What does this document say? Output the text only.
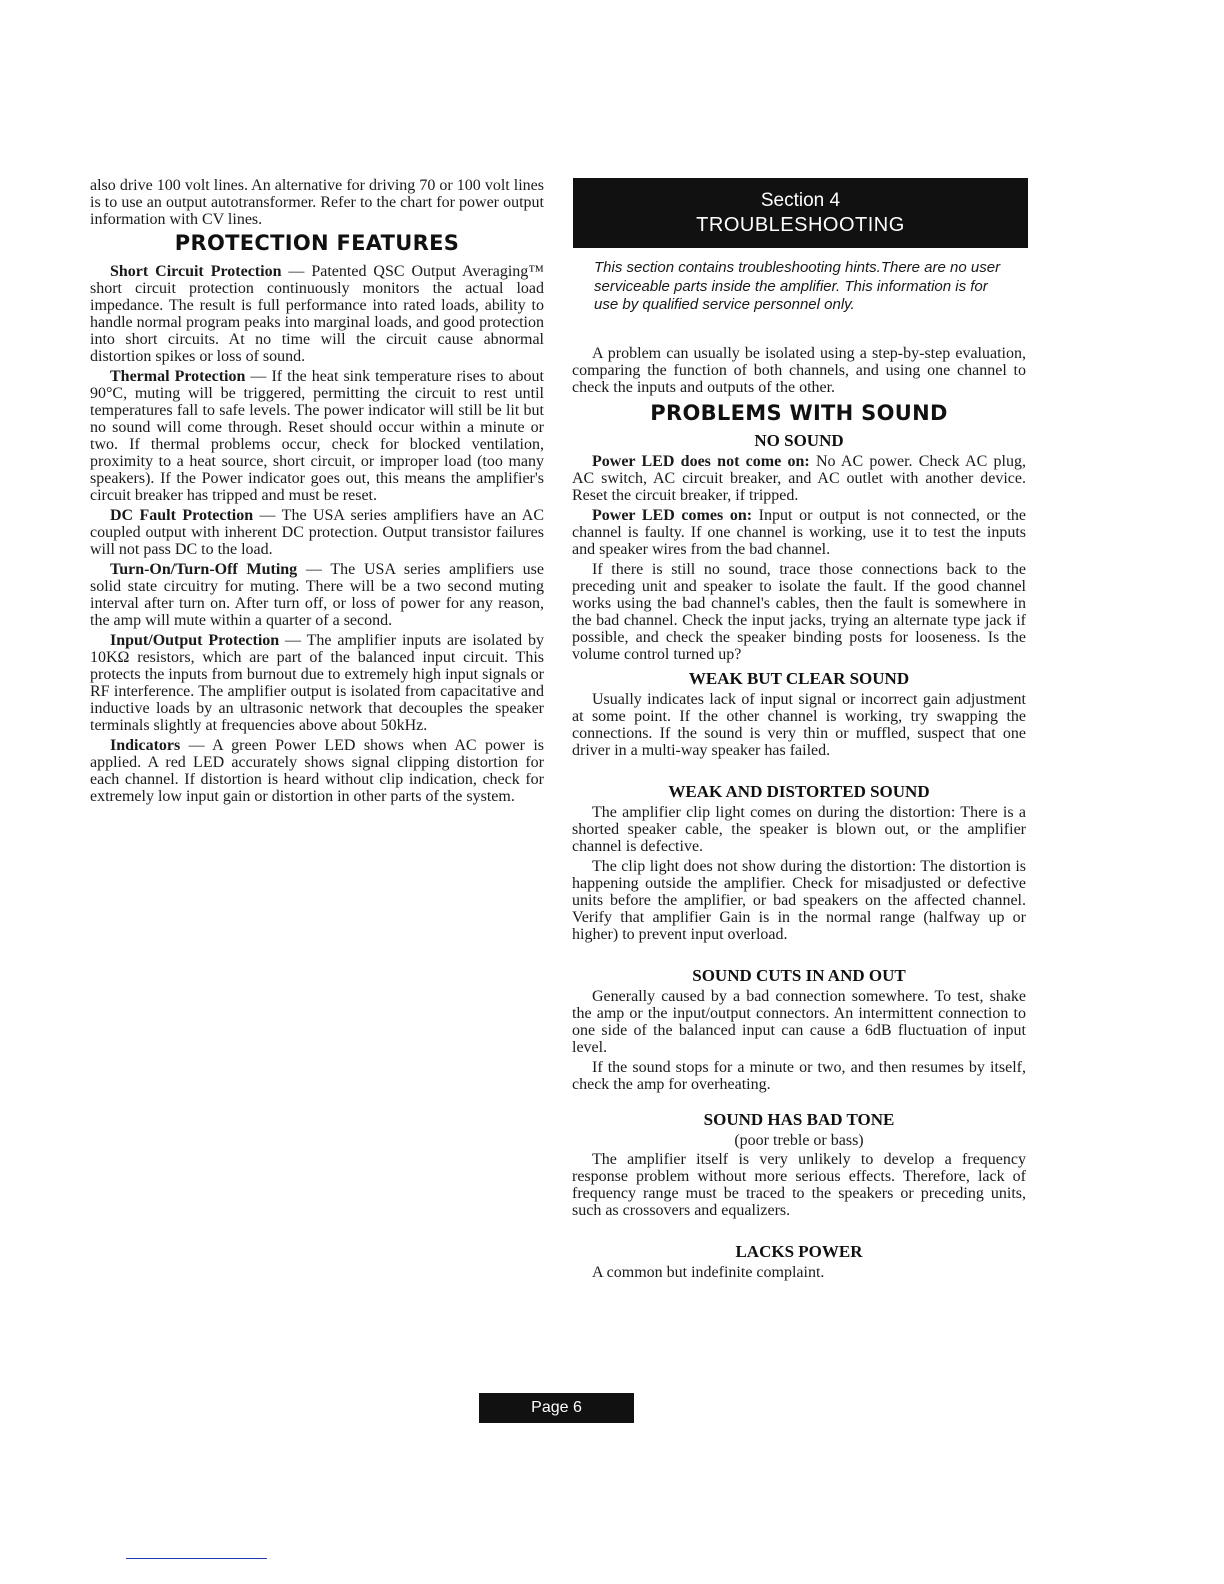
also drive 100 volt lines. An alternative for driving 70 or 100 volt lines is to use an output autotransformer. Refer to the chart for power output information with CV lines.

PROTECTION FEATURES

Short Circuit Protection — Patented QSC Output Averaging™ short circuit protection continuously monitors the actual load impedance. The result is full performance into rated loads, ability to handle normal program peaks into marginal loads, and good protection into short circuits. At no time will the circuit cause abnormal distortion spikes or loss of sound.

Thermal Protection — If the heat sink temperature rises to about 90°C, muting will be triggered, permitting the circuit to rest until temperatures fall to safe levels. The power indicator will still be lit but no sound will come through. Reset should occur within a minute or two. If thermal problems occur, check for blocked ventilation, proximity to a heat source, short circuit, or improper load (too many speakers). If the Power indicator goes out, this means the amplifier's circuit breaker has tripped and must be reset.

DC Fault Protection — The USA series amplifiers have an AC coupled output with inherent DC protection. Output transistor failures will not pass DC to the load.

Turn-On/Turn-Off Muting — The USA series amplifiers use solid state circuitry for muting. There will be a two second muting interval after turn on. After turn off, or loss of power for any reason, the amp will mute within a quarter of a second.

Input/Output Protection — The amplifier inputs are isolated by 10KΩ resistors, which are part of the balanced input circuit. This protects the inputs from burnout due to extremely high input signals or RF interference. The amplifier output is isolated from capacitative and inductive loads by an ultrasonic network that decouples the speaker terminals slightly at frequencies above about 50kHz.

Indicators — A green Power LED shows when AC power is applied. A red LED accurately shows signal clipping distortion for each channel. If distortion is heard without clip indication, check for extremely low input gain or distortion in other parts of the system.

Section 4
TROUBLESHOOTING
This section contains troubleshooting hints.There are no user serviceable parts inside the amplifier. This information is for use by qualified service personnel only.

A problem can usually be isolated using a step-by-step evaluation, comparing the function of both channels, and using one channel to check the inputs and outputs of the other.

PROBLEMS WITH SOUND
NO SOUND

Power LED does not come on: No AC power. Check AC plug, AC switch, AC circuit breaker, and AC outlet with another device. Reset the circuit breaker, if tripped.

Power LED comes on: Input or output is not connected, or the channel is faulty. If one channel is working, use it to test the inputs and speaker wires from the bad channel.

If there is still no sound, trace those connections back to the preceding unit and speaker to isolate the fault. If the good channel works using the bad channel's cables, then the fault is somewhere in the bad channel. Check the input jacks, trying an alternate type jack if possible, and check the speaker binding posts for looseness. Is the volume control turned up?

WEAK BUT CLEAR SOUND

Usually indicates lack of input signal or incorrect gain adjustment at some point. If the other channel is working, try swapping the connections. If the sound is very thin or muffled, suspect that one driver in a multi-way speaker has failed.

WEAK AND DISTORTED SOUND

The amplifier clip light comes on during the distortion: There is a shorted speaker cable, the speaker is blown out, or the amplifier channel is defective.

The clip light does not show during the distortion: The distortion is happening outside the amplifier. Check for misadjusted or defective units before the amplifier, or bad speakers on the affected channel. Verify that amplifier Gain is in the normal range (halfway up or higher) to prevent input overload.

SOUND CUTS IN AND OUT

Generally caused by a bad connection somewhere. To test, shake the amp or the input/output connectors. An intermittent connection to one side of the balanced input can cause a 6dB fluctuation of input level.

If the sound stops for a minute or two, and then resumes by itself, check the amp for overheating.

SOUND HAS BAD TONE
(poor treble or bass)

The amplifier itself is very unlikely to develop a frequency response problem without more serious effects. Therefore, lack of frequency range must be traced to the speakers or preceding units, such as crossovers and equalizers.

LACKS POWER

A common but indefinite complaint.

Page 6
